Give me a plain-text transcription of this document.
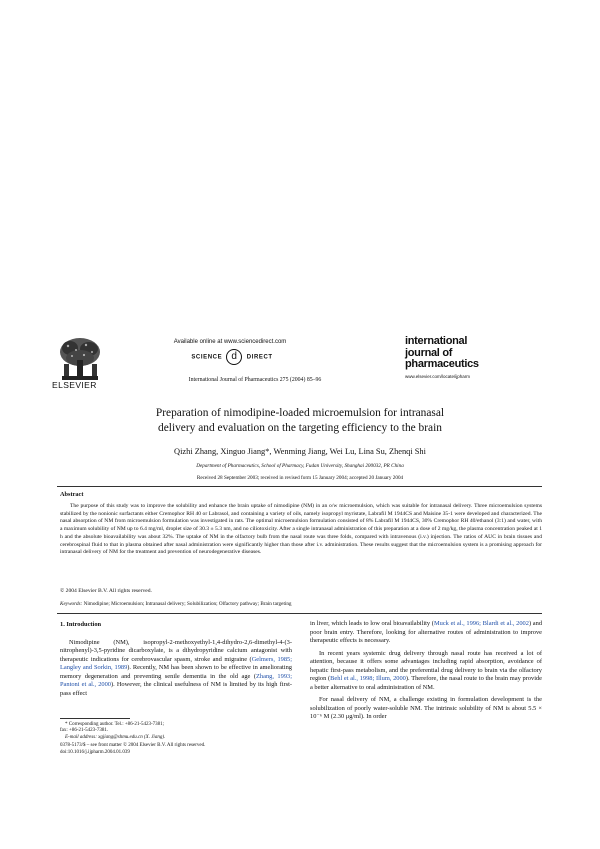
ELSEVIER
Available online at www.sciencedirect.com
SCIENCE d DIRECT
International Journal of Pharmaceutics 275 (2004) 85–96
international
journal of
pharmaceutics
www.elsevier.com/locate/ijpharm
Preparation of nimodipine-loaded microemulsion for intranasal
delivery and evaluation on the targeting efficiency to the brain
Qizhi Zhang, Xinguo Jiang*, Wenming Jiang, Wei Lu, Lina Su, Zhenqi Shi
Department of Pharmaceutics, School of Pharmacy, Fudan University, Shanghai 200032, PR China
Received 28 September 2003; received in revised form 15 January 2004; accepted 20 January 2004
Abstract
The purpose of this study was to improve the solubility and enhance the brain uptake of nimodipine (NM) in an o/w microemulsion, which was suitable for intranasal delivery. Three microemulsion systems stabilized by the nonionic surfactants either Cremophor RH 40 or Labrasol, and containing a variety of oils, namely isopropyl myristate, Labrafil M 1944CS and Maisine 35-1 were developed and characterized. The nasal absorption of NM from microemulsion formulation was investigated in rats. The optimal microemulsion formulation consisted of 8% Labrafil M 1944CS, 30% Cremophor RH 40/ethanol (3:1) and water, with a maximum solubility of NM up to 6.4 mg/ml, droplet size of 30.3 ± 5.3 nm, and no ciliotoxicity. After a single intranasal administration of this preparation at a dose of 2 mg/kg, the plasma concentration peaked at 1 h and the absolute bioavailability was about 32%. The uptake of NM in the olfactory bulb from the nasal route was three folds, compared with intravenous (i.v.) injection. The ratios of AUC in brain tissues and cerebrospinal fluid to that in plasma obtained after nasal administration were significantly higher than those after i.v. administration. These results suggest that the microemulsion system is a promising approach for intranasal delivery of NM for the treatment and prevention of neurodegenerative diseases.
© 2004 Elsevier B.V. All rights reserved.
Keywords: Nimodipine; Microemulsion; Intranasal delivery; Solubilization; Olfactory pathway; Brain targeting

1. Introduction

Nimodipine (NM), isopropyl-2-methoxyethyl-1,4-dihydro-2,6-dimethyl-4-(3-nitrophenyl)-3,5-pyridine dicarboxylate, is a dihydropyridine calcium antagonist with therapeutic indications for cerebrovascular spasm, stroke and migraine (Gelmers, 1985; Langley and Sorkin, 1989). Recently, NM has been shown to be effective in ameliorating memory degeneration and preventing senile dementia in the old age (Zhang, 1993; Pantoni et al., 2000). However, the clinical usefulness of NM is limited by its high first-pass effect

in liver, which leads to low oral bioavailability (Muck et al., 1996; Blardi et al., 2002) and poor brain entry. Therefore, looking for alternative routes of administration to improve therapeutic effects is necessary.

In recent years systemic drug delivery through nasal route has received a lot of attention, because it offers some advantages including rapid absorption, avoidance of hepatic first-pass metabolism, and the preferential drug delivery to brain via the olfactory region (Behl et al., 1998; Illum, 2000). Therefore, the nasal route to the brain may provide a better alternative to oral administration of NM.

For nasal delivery of NM, a challenge existing in formulation development is the solubilization of poorly water-soluble NM. The intrinsic solubility of NM is about 5.5 × 10⁻⁶ M (2.30 μg/ml). In order

* Corresponding author. Tel.: +86-21-5423-7381;
fax: +86-21-5423-7381.
E-mail address: xgjiang@shmu.edu.cn (X. Jiang).
0378-5173/$ – see front matter © 2004 Elsevier B.V. All rights reserved.
doi:10.1016/j.ijpharm.2004.01.039
